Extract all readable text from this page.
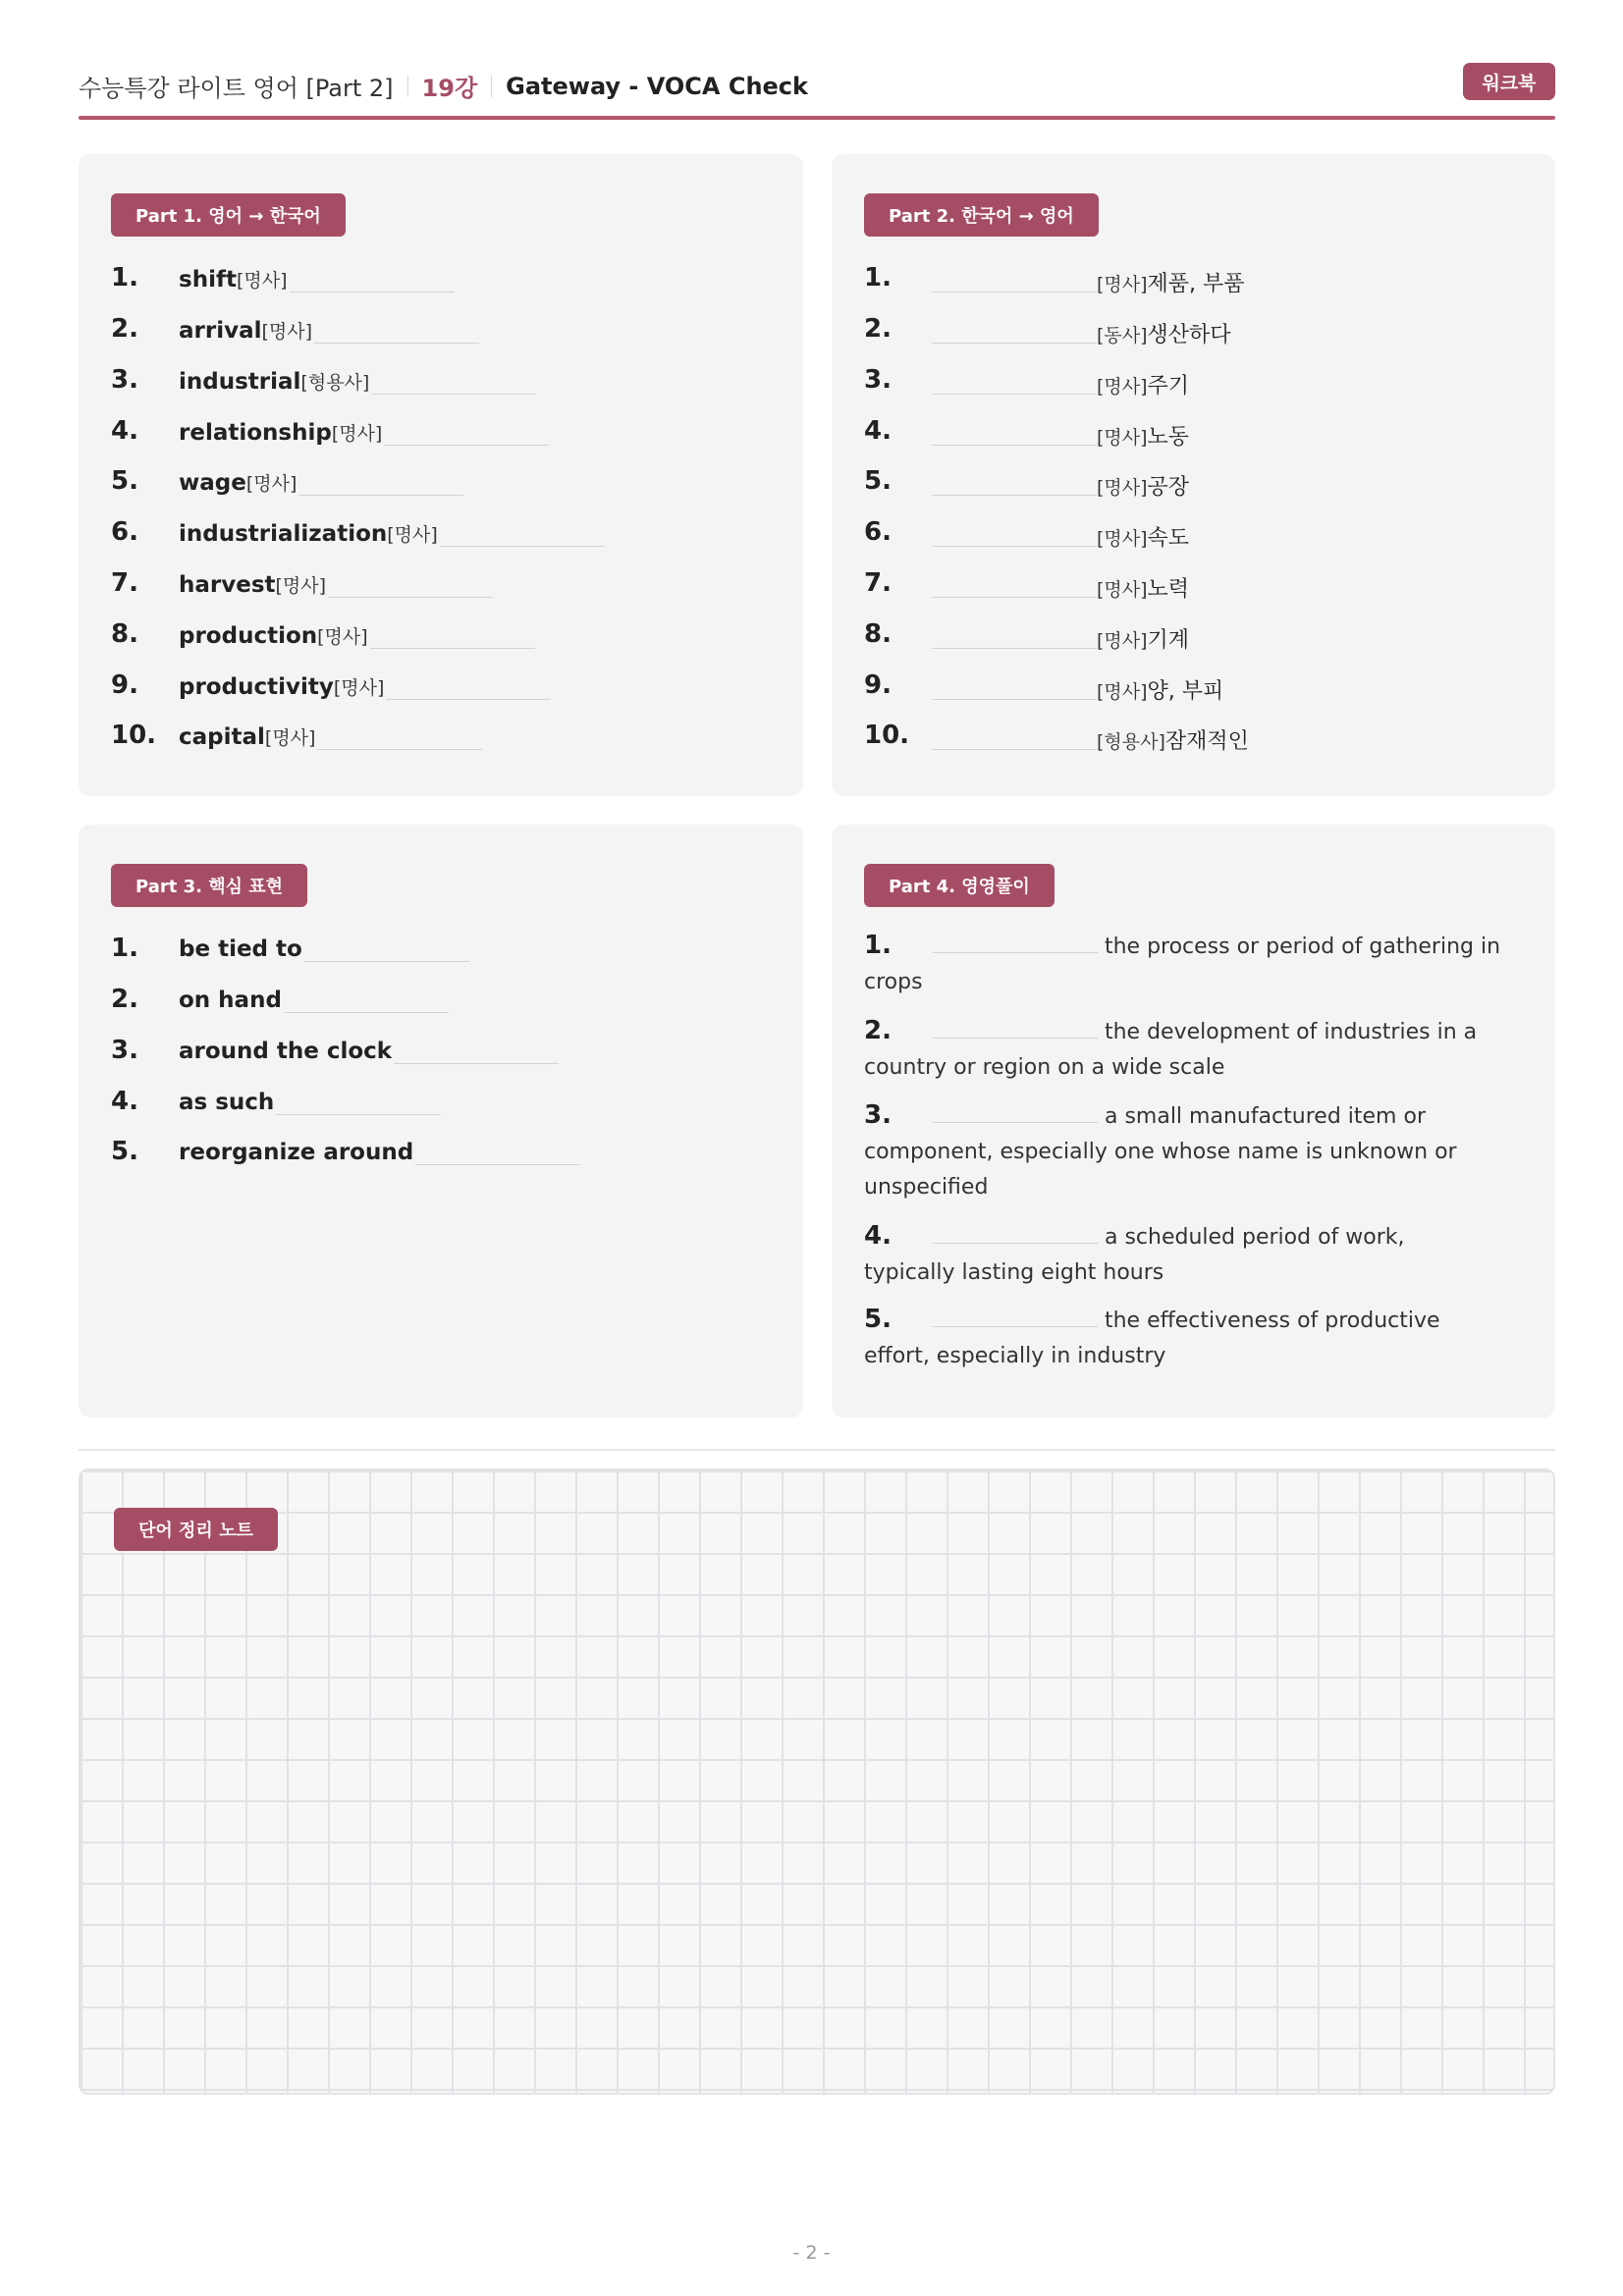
수능특강 라이트 영어 [Part 2] 19강 Gateway - VOCA Check	워크북
Part 1. 영어 → 한국어
1. shift [명사]
2. arrival [명사]
3. industrial [형용사]
4. relationship [명사]
5. wage [명사]
6. industrialization [명사]
7. harvest [명사]
8. production [명사]
9. productivity [명사]
10. capital [명사]
Part 2. 한국어 → 영어
1.	[명사]제품, 부품
2.	[동사]생산하다
3.	[명사]주기
4.	[명사]노동
5.	[명사]공장
6.	[명사]속도
7.	[명사]노력
8.	[명사]기계
9.	[명사]양, 부피
10.	[형용사]잠재적인
Part 3. 핵심 표현
1. be tied to
2. on hand
3. around the clock
4. as such
5. reorganize around
Part 4. 영영풀이
1.	the process or period of gathering in crops
2.	the development of industries in a country or region on a wide scale
3.	a small manufactured item or component, especially one whose name is unknown or unspecified
4.	a scheduled period of work, typically lasting eight hours
5.	the effectiveness of productive effort, especially in industry
단어 정리 노트
- 2 -
